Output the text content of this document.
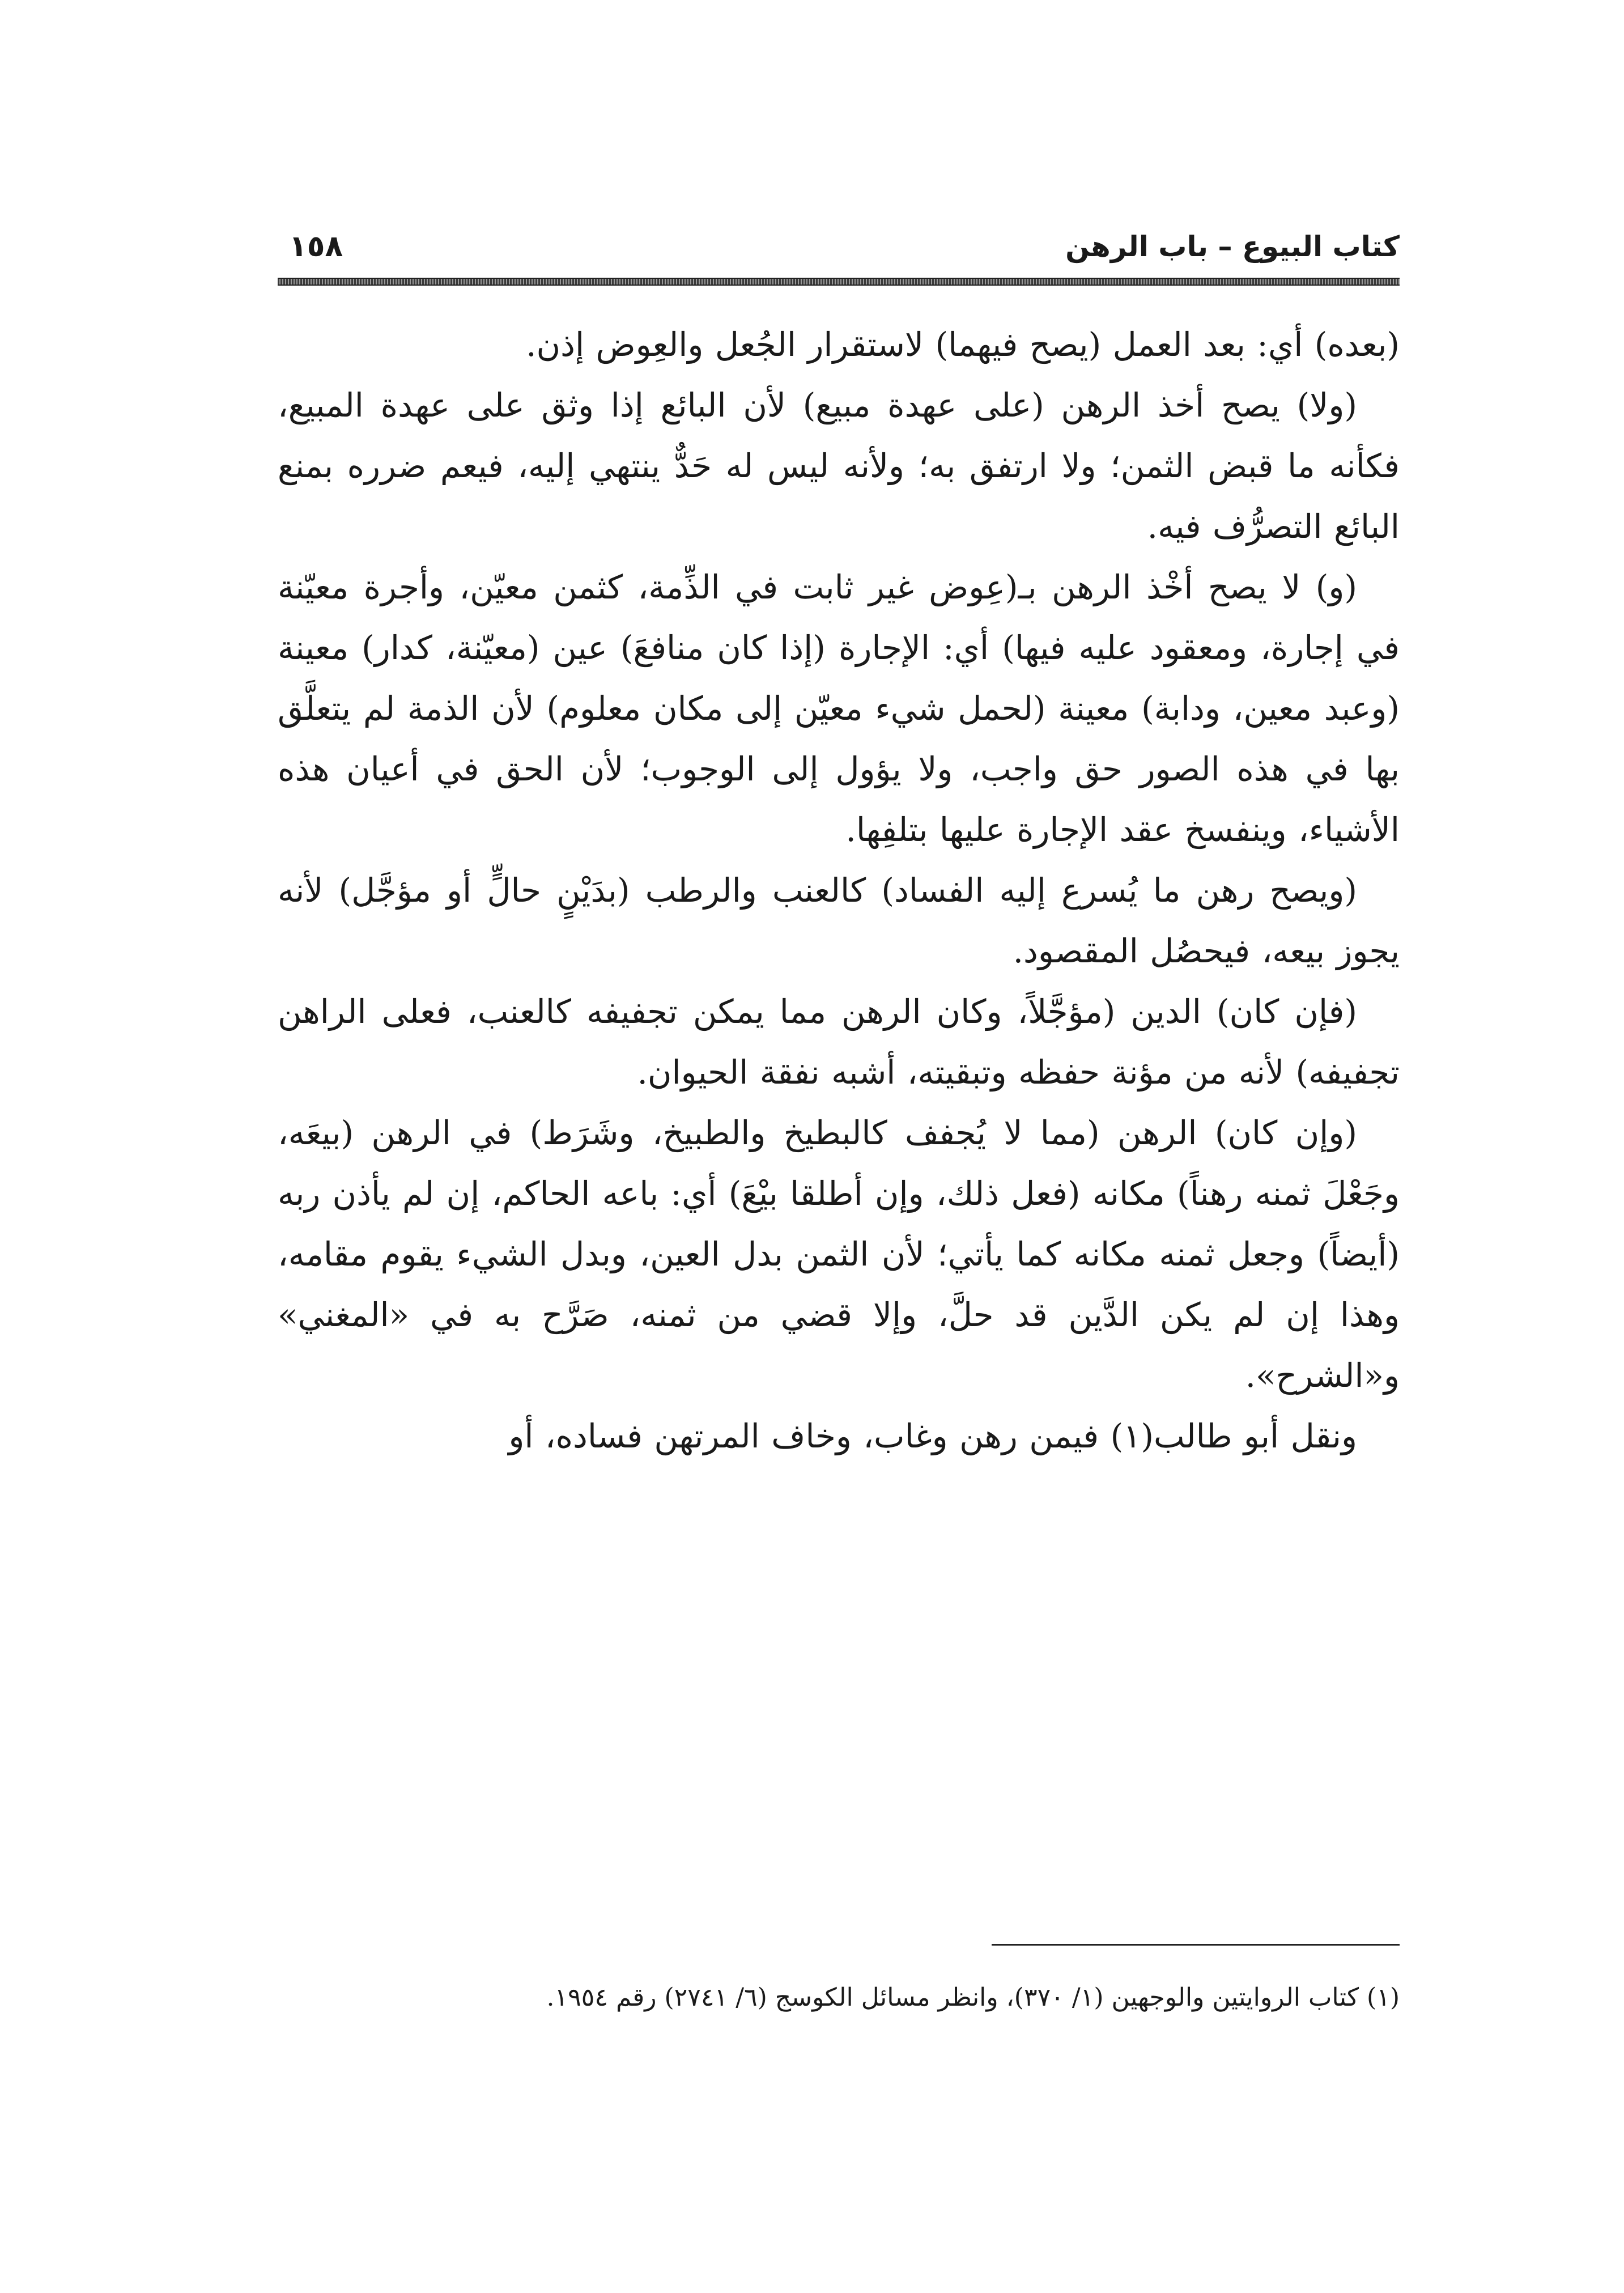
كتاب البيوع – باب الرهن
١٥٨

(بعده) أي: بعد العمل (يصح فيهما) لاستقرار الجُعل والعِوض إذن.

(ولا) يصح أخذ الرهن (على عهدة مبيع) لأن البائع إذا وثق على عهدة المبيع، فكأنه ما قبض الثمن؛ ولا ارتفق به؛ ولأنه ليس له حَدٌّ ينتهي إليه، فيعم ضرره بمنع البائع التصرُّف فيه.

(و) لا يصح أخْذ الرهن بـ(عِوض غير ثابت في الذِّمة، كثمن معيّن، وأجرة معيّنة في إجارة، ومعقود عليه فيها) أي: الإجارة (إذا كان منافعَ) عين (معيّنة، كدار) معينة (وعبد معين، ودابة) معينة (لحمل شيء معيّن إلى مكان معلوم) لأن الذمة لم يتعلَّق بها في هذه الصور حق واجب، ولا يؤول إلى الوجوب؛ لأن الحق في أعيان هذه الأشياء، وينفسخ عقد الإجارة عليها بتلفِها.

(ويصح رهن ما يُسرع إليه الفساد) كالعنب والرطب (بدَيْنٍ حالٍّ أو مؤجَّل) لأنه يجوز بيعه، فيحصُل المقصود.

(فإن كان) الدين (مؤجَّلاً، وكان الرهن مما يمكن تجفيفه كالعنب، فعلى الراهن تجفيفه) لأنه من مؤنة حفظه وتبقيته، أشبه نفقة الحيوان.

(وإن كان) الرهن (مما لا يُجفف كالبطيخ والطبيخ، وشَرَط) في الرهن (بيعَه، وجَعْلَ ثمنه رهناً) مكانه (فعل ذلك، وإن أطلقا بيْعَ) أي: باعه الحاكم، إن لم يأذن ربه (أيضاً) وجعل ثمنه مكانه كما يأتي؛ لأن الثمن بدل العين، وبدل الشيء يقوم مقامه، وهذا إن لم يكن الدَّين قد حلَّ، وإلا قضي من ثمنه، صَرَّح به في «المغني» و«الشرح».

ونقل أبو طالب(١) فيمن رهن وغاب، وخاف المرتهن فساده، أو

(١) كتاب الروايتين والوجهين (١/ ٣٧٠)، وانظر مسائل الكوسج (٦/ ٢٧٤١) رقم ١٩٥٤.
